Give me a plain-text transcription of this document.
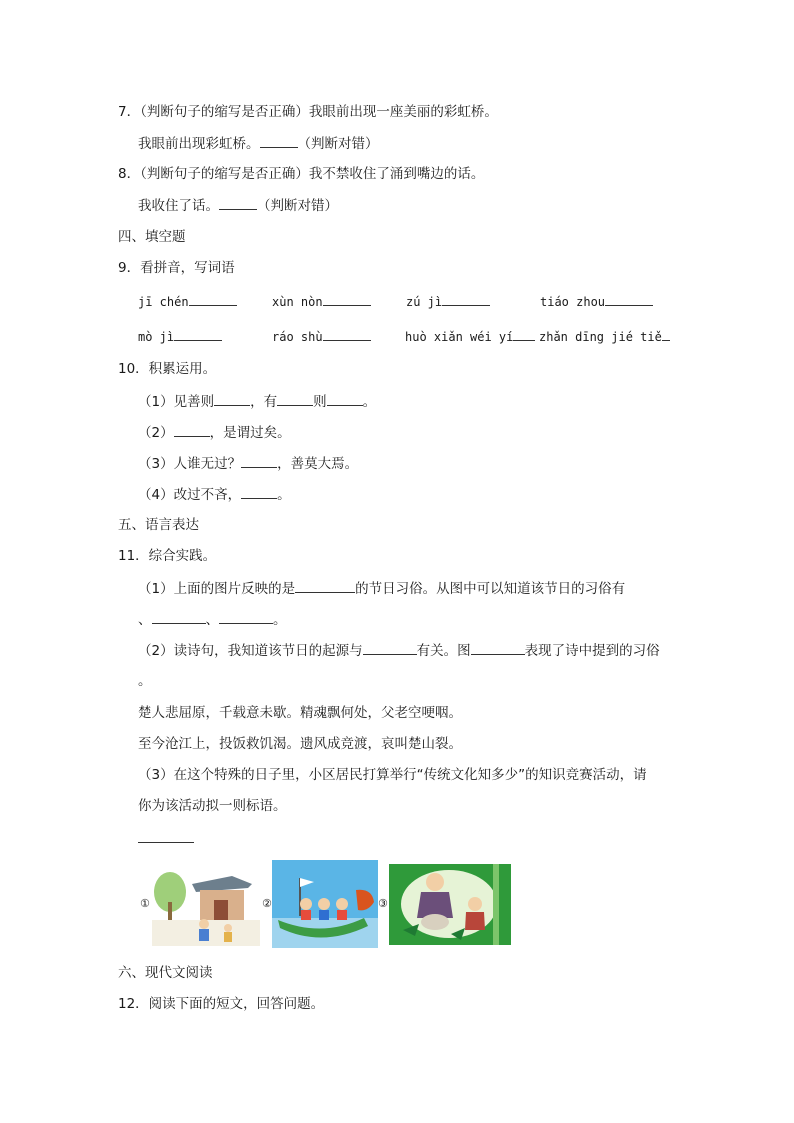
7．（判断句子的缩写是否正确）我眼前出现一座美丽的彩虹桥。
我眼前出现彩虹桥。	（判断对错）
8．（判断句子的缩写是否正确）我不禁收住了涌到嘴边的话。
我收住了话。	（判断对错）
四、填空题
9．看拼音，写词语
jī chén	xùn nòn	zú jì	tiáo zhou
mò jì	ráo shù	huò xiǎn wéi yí	zhǎn dīng jié tiě
10．积累运用。
（1）见善则	，有	则	。
（2）	，是谓过矣。
（3）人谁无过？	，善莫大焉。
（4）改过不吝，	。
五、语言表达
11．综合实践。
（1）上面的图片反映的是	的节日习俗。从图中可以知道该节日的习俗有
、	、	。
（2）读诗句，我知道该节日的起源与	有关。图	表现了诗中提到的习俗
。
楚人悲屈原，千载意未歇。精魂飘何处，父老空哽咽。
至今沧江上，投饭救饥渴。遗风成竞渡，哀叫楚山裂。
（3）在这个特殊的日子里，小区居民打算举行“传统文化知多少”的知识竞赛活动，请
你为该活动拟一则标语。
①	②	③
六、现代文阅读
12．阅读下面的短文，回答问题。
